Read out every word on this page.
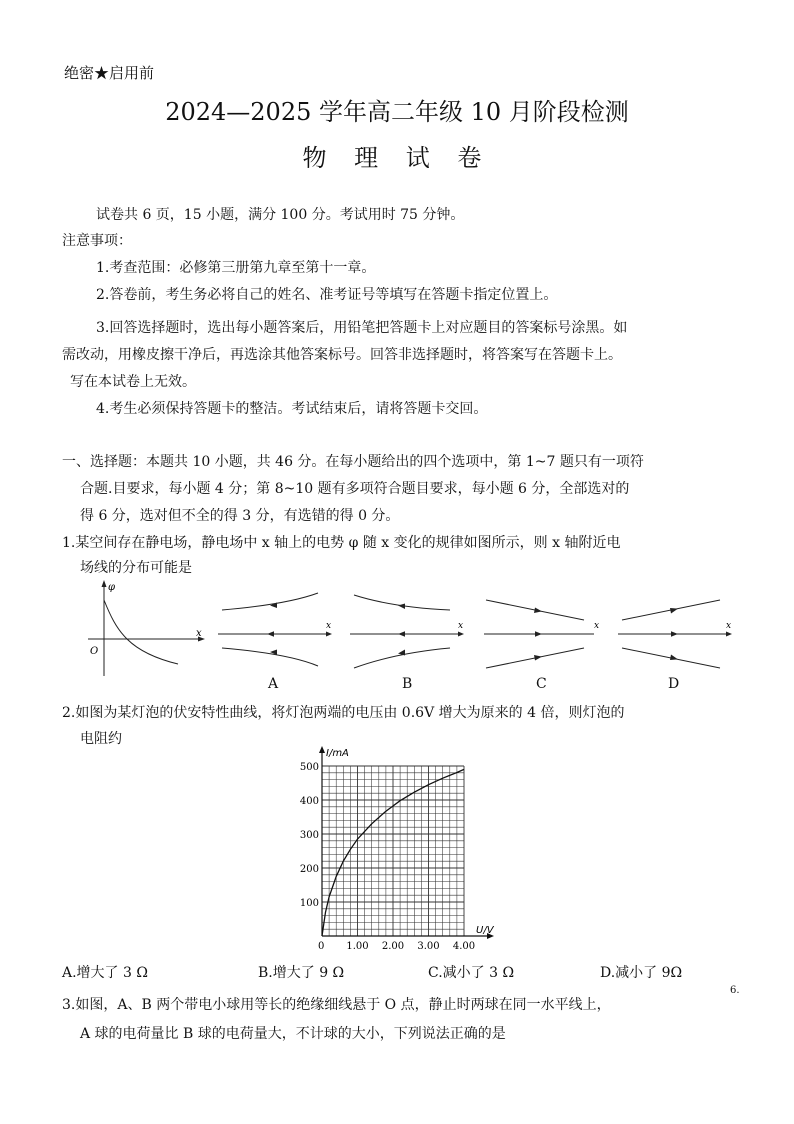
绝密★启用前
2024—2025 学年高二年级 10 月阶段检测
物 理 试 卷
试卷共 6 页，15 小题，满分 100 分。考试用时 75 分钟。
注意事项：
1.考查范围：必修第三册第九章至第十一章。
2.答卷前，考生务必将自己的姓名、准考证号等填写在答题卡指定位置上。
3.回答选择题时，选出每小题答案后，用铅笔把答题卡上对应题目的答案标号涂黑。如
需改动，用橡皮擦干净后，再选涂其他答案标号。回答非选择题时，将答案写在答题卡上。
写在本试卷上无效。
4.考生必须保持答题卡的整洁。考试结束后，请将答题卡交回。
一、选择题：本题共 10 小题，共 46 分。在每小题给出的四个选项中，第 1~7 题只有一项符
合题.目要求，每小题 4 分；第 8~10 题有多项符合题目要求，每小题 6 分，全部选对的
得 6 分，选对但不全的得 3 分，有选错的得 0 分。
1.某空间存在静电场，静电场中 x 轴上的电势 φ 随 x 变化的规律如图所示，则 x 轴附近电
场线的分布可能是
φ
x
O
x
A
x
B
x
C
x
D
2.如图为某灯泡的伏安特性曲线，将灯泡两端的电压由 0.6V 增大为原来的 4 倍，则灯泡的
电阻约
I/mA
U/V
100
200
300
400
500
0 1.00 2.00 3.00 4.00
A.增大了 3 Ω	B.增大了 9 Ω	C.减小了 3 Ω	D.减小了 9Ω
6.
3.如图，A、B 两个带电小球用等长的绝缘细线悬于 O 点，静止时两球在同一水平线上，
A 球的电荷量比 B 球的电荷量大，不计球的大小，下列说法正确的是
